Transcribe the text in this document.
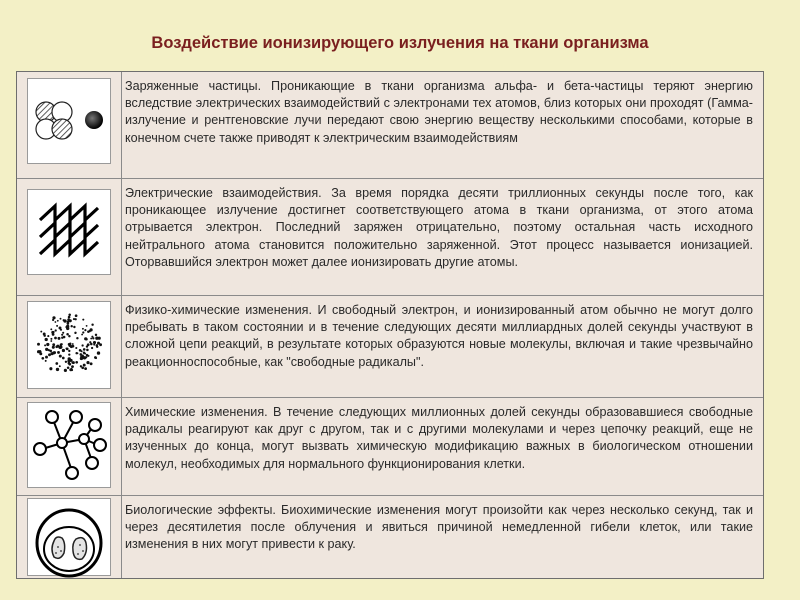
Воздействие ионизирующего излучения на ткани организма
Заряженные частицы. Проникающие в ткани организма альфа- и бета-частицы теряют энергию вследствие электрических взаимодействий с электронами тех атомов, близ которых они проходят (Гамма-излучение и рентгеновские лучи передают свою энергию веществу несколькими способами, которые в конечном счете также приводят к электрическим взаимодействиям
Электрические взаимодействия. За время порядка десяти триллионных секунды после того, как проникающее излучение достигнет соответствующего атома в ткани организма, от этого атома отрывается электрон. Последний заряжен отрицательно, поэтому остальная часть исходного нейтрального атома становится положительно заряженной. Этот процесс называется ионизацией. Оторвавшийся электрон может далее ионизировать другие атомы.
Физико-химические изменения. И свободный электрон, и ионизированный атом обычно не могут долго пребывать в таком состоянии и в течение следующих десяти миллиардных долей секунды участвуют в сложной цепи реакций, в результате которых образуются новые молекулы, включая и такие чрезвычайно реакционноспособные, как "свободные радикалы".
Химические изменения. В течение следующих миллионных долей секунды образовавшиеся свободные радикалы реагируют как друг с другом, так и с другими молекулами и через цепочку реакций, еще не изученных до конца, могут вызвать химическую модификацию важных в биологическом отношении молекул, необходимых для нормального функционирования клетки.
Биологические эффекты. Биохимические изменения могут произойти как через несколько секунд, так и через десятилетия после облучения и явиться причиной немедленной гибели клеток, или такие изменения в них могут привести к раку.
